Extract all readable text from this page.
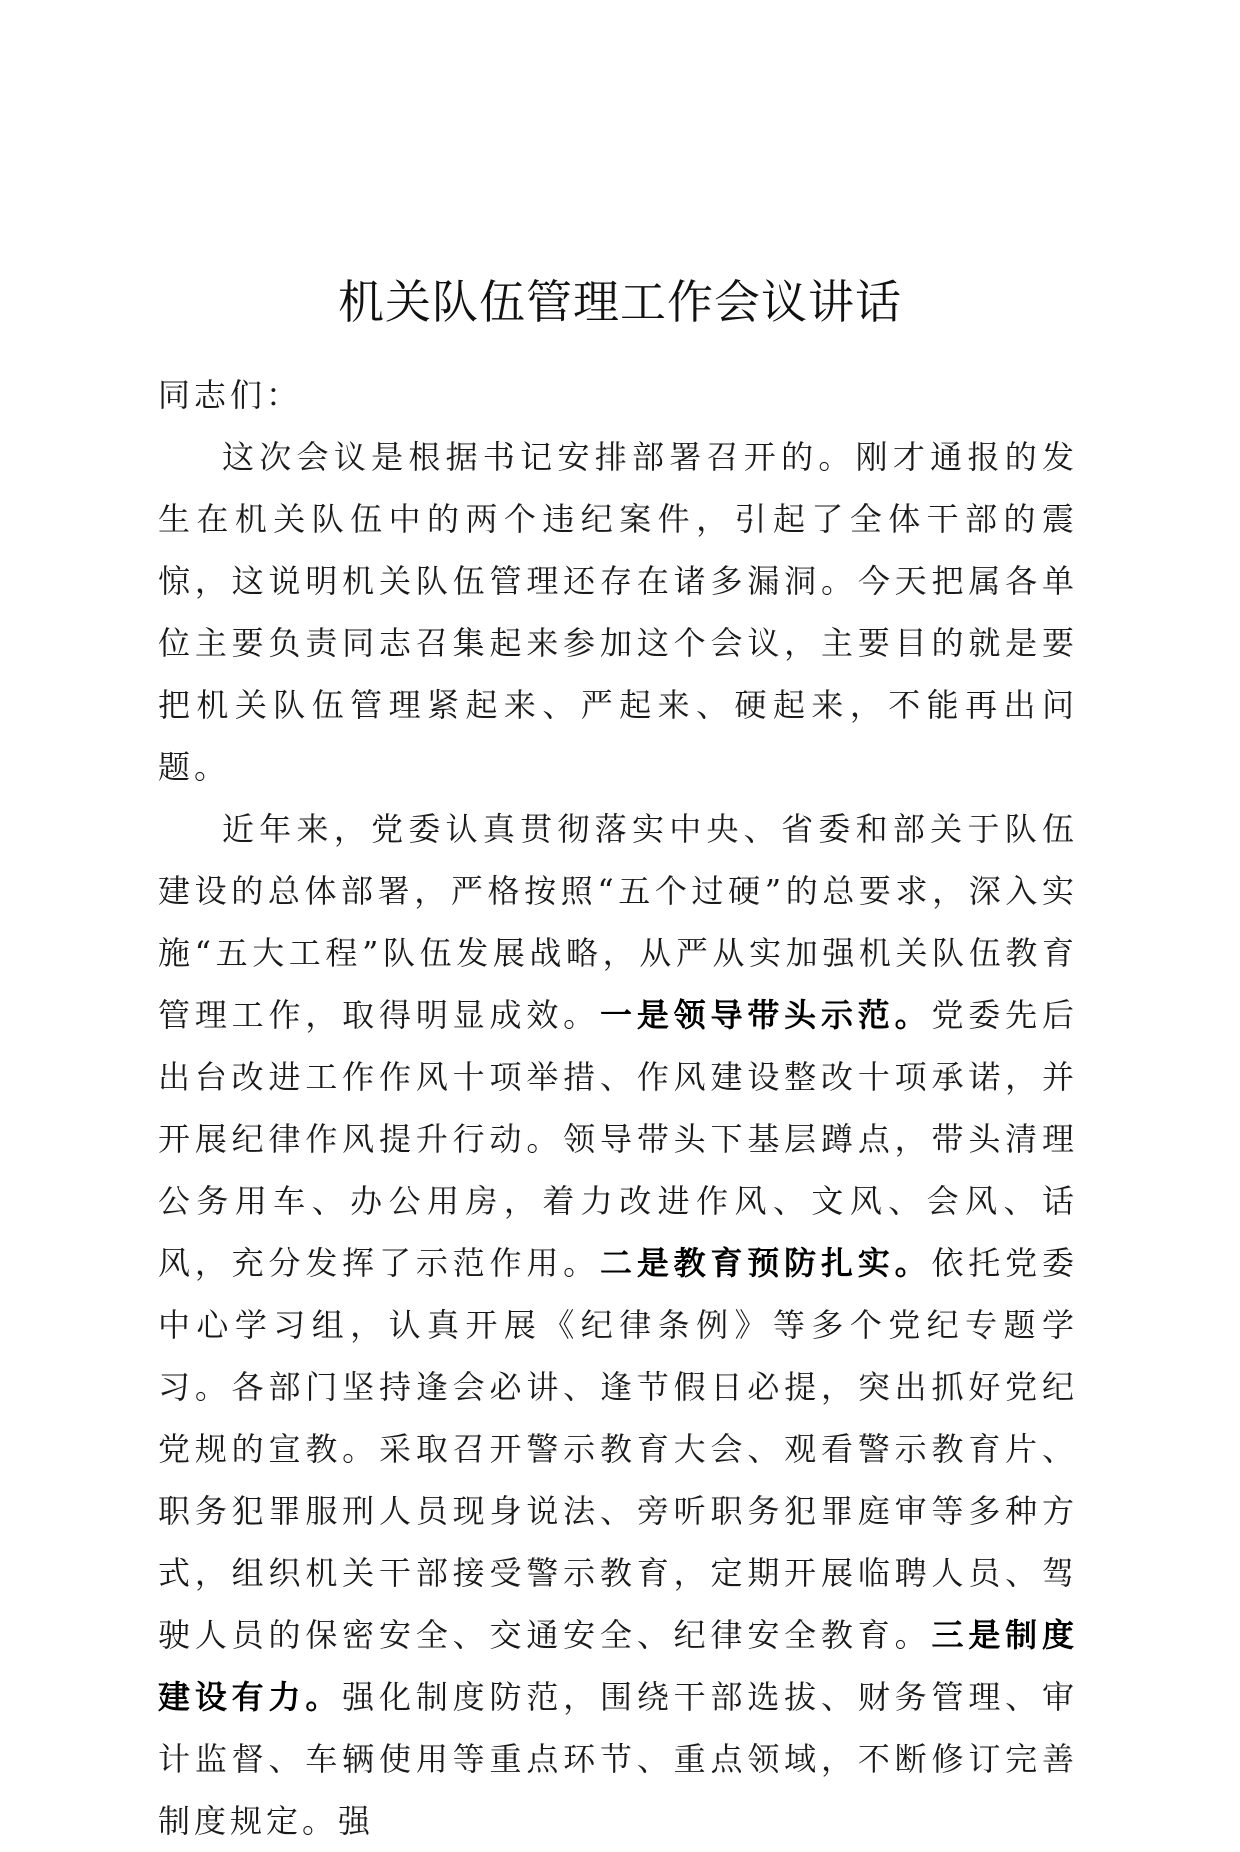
机关队伍管理工作会议讲话

同志们：

这次会议是根据书记安排部署召开的。刚才通报的发生在机关队伍中的两个违纪案件，引起了全体干部的震惊，这说明机关队伍管理还存在诸多漏洞。今天把属各单位主要负责同志召集起来参加这个会议，主要目的就是要把机关队伍管理紧起来、严起来、硬起来，不能再出问题。

近年来，党委认真贯彻落实中央、省委和部关于队伍建设的总体部署，严格按照“五个过硬”的总要求，深入实施“五大工程”队伍发展战略，从严从实加强机关队伍教育管理工作，取得明显成效。一是领导带头示范。党委先后出台改进工作作风十项举措、作风建设整改十项承诺，并开展纪律作风提升行动。领导带头下基层蹲点，带头清理公务用车、办公用房，着力改进作风、文风、会风、话风，充分发挥了示范作用。二是教育预防扎实。依托党委中心学习组，认真开展《纪律条例》等多个党纪专题学习。各部门坚持逢会必讲、逢节假日必提，突出抓好党纪党规的宣教。采取召开警示教育大会、观看警示教育片、职务犯罪服刑人员现身说法、旁听职务犯罪庭审等多种方式，组织机关干部接受警示教育，定期开展临聘人员、驾驶人员的保密安全、交通安全、纪律安全教育。三是制度建设有力。强化制度防范，围绕干部选拔、财务管理、审计监督、车辆使用等重点环节、重点领域，不断修订完善制度规定。强
